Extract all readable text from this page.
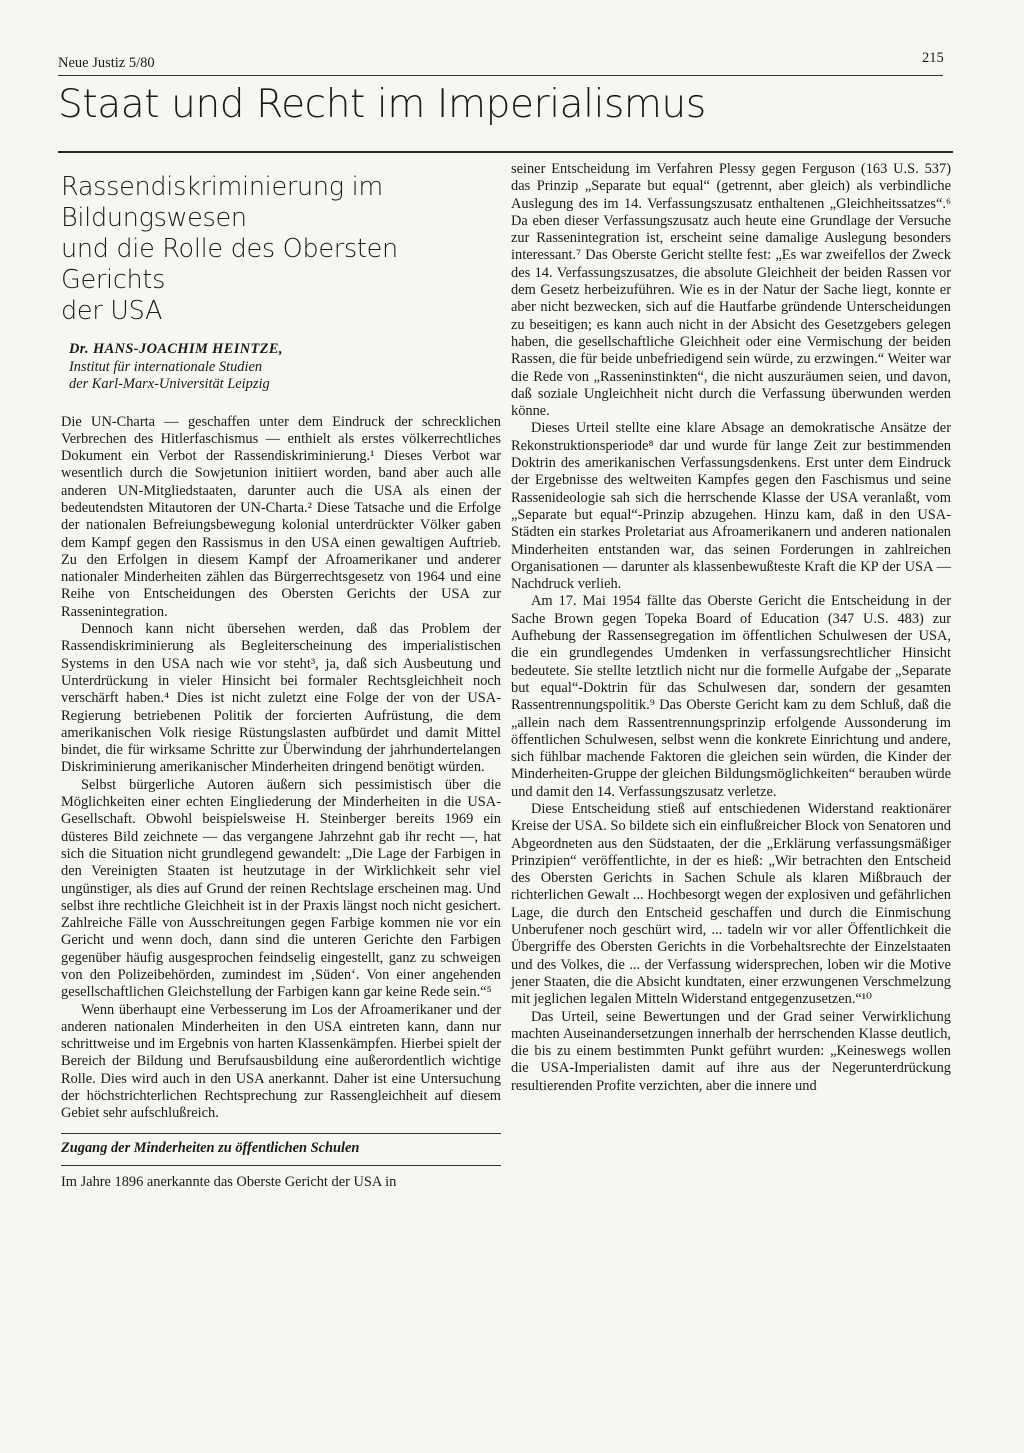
Neue Justiz 5/80	215
Staat und Recht im Imperialismus
Rassendiskriminierung im Bildungswesen
und die Rolle des Obersten Gerichts
der USA
Dr. HANS-JOACHIM HEINTZE,
Institut für internationale Studien
der Karl-Marx-Universität Leipzig

Die UN-Charta — geschaffen unter dem Eindruck der schrecklichen Verbrechen des Hitlerfaschismus — enthielt als erstes völkerrechtliches Dokument ein Verbot der Rassendiskriminierung.¹ Dieses Verbot war wesentlich durch die Sowjetunion initiiert worden, band aber auch alle anderen UN-Mitgliedstaaten, darunter auch die USA als einen der bedeutendsten Mitautoren der UN-Charta.² Diese Tatsache und die Erfolge der nationalen Befreiungsbewegung kolonial unterdrückter Völker gaben dem Kampf gegen den Rassismus in den USA einen gewaltigen Auftrieb. Zu den Erfolgen in diesem Kampf der Afroamerikaner und anderer nationaler Minderheiten zählen das Bürgerrechtsgesetz von 1964 und eine Reihe von Entscheidungen des Obersten Gerichts der USA zur Rassenintegration.

Dennoch kann nicht übersehen werden, daß das Problem der Rassendiskriminierung als Begleiterscheinung des imperialistischen Systems in den USA nach wie vor steht³, ja, daß sich Ausbeutung und Unterdrückung in vieler Hinsicht bei formaler Rechtsgleichheit noch verschärft haben.⁴ Dies ist nicht zuletzt eine Folge der von der USA-Regierung betriebenen Politik der forcierten Aufrüstung, die dem amerikanischen Volk riesige Rüstungslasten aufbürdet und damit Mittel bindet, die für wirksame Schritte zur Überwindung der jahrhundertelangen Diskriminierung amerikanischer Minderheiten dringend benötigt würden.

Selbst bürgerliche Autoren äußern sich pessimistisch über die Möglichkeiten einer echten Eingliederung der Minderheiten in die USA-Gesellschaft. Obwohl beispielsweise H. Steinberger bereits 1969 ein düsteres Bild zeichnete — das vergangene Jahrzehnt gab ihr recht —, hat sich die Situation nicht grundlegend gewandelt: „Die Lage der Farbigen in den Vereinigten Staaten ist heutzutage in der Wirklichkeit sehr viel ungünstiger, als dies auf Grund der reinen Rechtslage erscheinen mag. Und selbst ihre rechtliche Gleichheit ist in der Praxis längst noch nicht gesichert. Zahlreiche Fälle von Ausschreitungen gegen Farbige kommen nie vor ein Gericht und wenn doch, dann sind die unteren Gerichte den Farbigen gegenüber häufig ausgesprochen feindselig eingestellt, ganz zu schweigen von den Polizeibehörden, zumindest im ‚Süden‘. Von einer angehenden gesellschaftlichen Gleichstellung der Farbigen kann gar keine Rede sein.“⁵

Wenn überhaupt eine Verbesserung im Los der Afroamerikaner und der anderen nationalen Minderheiten in den USA eintreten kann, dann nur schrittweise und im Ergebnis von harten Klassenkämpfen. Hierbei spielt der Bereich der Bildung und Berufsausbildung eine außerordentlich wichtige Rolle. Dies wird auch in den USA anerkannt. Daher ist eine Untersuchung der höchstrichterlichen Rechtsprechung zur Rassengleichheit auf diesem Gebiet sehr aufschlußreich.

Zugang der Minderheiten zu öffentlichen Schulen

Im Jahre 1896 anerkannte das Oberste Gericht der USA in

seiner Entscheidung im Verfahren Plessy gegen Ferguson (163 U.S. 537) das Prinzip „Separate but equal“ (getrennt, aber gleich) als verbindliche Auslegung des im 14. Verfassungszusatz enthaltenen „Gleichheitssatzes“.⁶ Da eben dieser Verfassungszusatz auch heute eine Grundlage der Versuche zur Rassenintegration ist, erscheint seine damalige Auslegung besonders interessant.⁷ Das Oberste Gericht stellte fest: „Es war zweifellos der Zweck des 14. Verfassungszusatzes, die absolute Gleichheit der beiden Rassen vor dem Gesetz herbeizuführen. Wie es in der Natur der Sache liegt, konnte er aber nicht bezwecken, sich auf die Hautfarbe gründende Unterscheidungen zu beseitigen; es kann auch nicht in der Absicht des Gesetzgebers gelegen haben, die gesellschaftliche Gleichheit oder eine Vermischung der beiden Rassen, die für beide unbefriedigend sein würde, zu erzwingen.“ Weiter war die Rede von „Rasseninstinkten“, die nicht auszuräumen seien, und davon, daß soziale Ungleichheit nicht durch die Verfassung überwunden werden könne.

Dieses Urteil stellte eine klare Absage an demokratische Ansätze der Rekonstruktionsperiode⁸ dar und wurde für lange Zeit zur bestimmenden Doktrin des amerikanischen Verfassungsdenkens. Erst unter dem Eindruck der Ergebnisse des weltweiten Kampfes gegen den Faschismus und seine Rassenideologie sah sich die herrschende Klasse der USA veranlaßt, vom „Separate but equal“-Prinzip abzugehen. Hinzu kam, daß in den USA-Städten ein starkes Proletariat aus Afroamerikanern und anderen nationalen Minderheiten entstanden war, das seinen Forderungen in zahlreichen Organisationen — darunter als klassenbewußteste Kraft die KP der USA — Nachdruck verlieh.

Am 17. Mai 1954 fällte das Oberste Gericht die Entscheidung in der Sache Brown gegen Topeka Board of Education (347 U.S. 483) zur Aufhebung der Rassensegregation im öffentlichen Schulwesen der USA, die ein grundlegendes Umdenken in verfassungsrechtlicher Hinsicht bedeutete. Sie stellte letztlich nicht nur die formelle Aufgabe der „Separate but equal“-Doktrin für das Schulwesen dar, sondern der gesamten Rassentrennungspolitik.⁹ Das Oberste Gericht kam zu dem Schluß, daß die „allein nach dem Rassentrennungsprinzip erfolgende Aussonderung im öffentlichen Schulwesen, selbst wenn die konkrete Einrichtung und andere, sich fühlbar machende Faktoren die gleichen sein würden, die Kinder der Minderheiten-Gruppe der gleichen Bildungsmöglichkeiten“ berauben würde und damit den 14. Verfassungszusatz verletze.

Diese Entscheidung stieß auf entschiedenen Widerstand reaktionärer Kreise der USA. So bildete sich ein einflußreicher Block von Senatoren und Abgeordneten aus den Südstaaten, der die „Erklärung verfassungsmäßiger Prinzipien“ veröffentlichte, in der es hieß: „Wir betrachten den Entscheid des Obersten Gerichts in Sachen Schule als klaren Mißbrauch der richterlichen Gewalt ... Hochbesorgt wegen der explosiven und gefährlichen Lage, die durch den Entscheid geschaffen und durch die Einmischung Unberufener noch geschürt wird, ... tadeln wir vor aller Öffentlichkeit die Übergriffe des Obersten Gerichts in die Vorbehaltsrechte der Einzelstaaten und des Volkes, die ... der Verfassung widersprechen, loben wir die Motive jener Staaten, die die Absicht kundtaten, einer erzwungenen Verschmelzung mit jeglichen legalen Mitteln Widerstand entgegenzusetzen.“¹⁰

Das Urteil, seine Bewertungen und der Grad seiner Verwirklichung machten Auseinandersetzungen innerhalb der herrschenden Klasse deutlich, die bis zu einem bestimmten Punkt geführt wurden: „Keineswegs wollen die USA-Imperialisten damit auf ihre aus der Negerunterdrückung resultierenden Profite verzichten, aber die innere und
